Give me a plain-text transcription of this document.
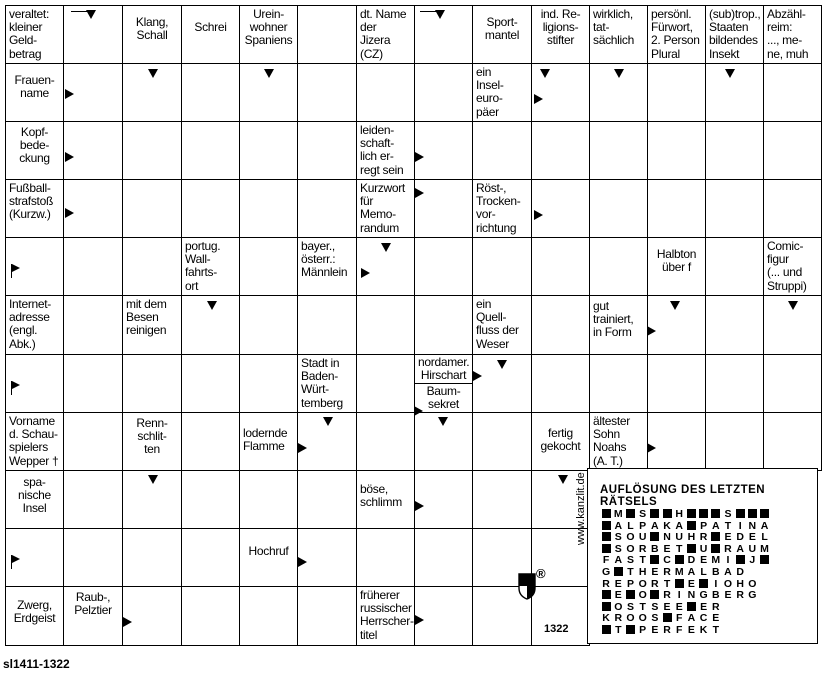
veraltet:
kleiner
Geld-
betrag
Klang,
Schall
Schrei
Urein-
wohner
Spaniens
dt. Name
der
Jizera
(CZ)
Sport-
mantel
ind. Re-
ligions-
stifter
wirklich,
tat-
sächlich
persönl.
Fürwort,
2. Person
Plural
(sub)trop.,
Staaten
bildendes
Insekt
Abzähl-
reim:
..., me-
ne, muh
Frauen-
name
ein
Insel-
euro-
päer
Kopf-
bede-
ckung
leiden-
schaft-
lich er-
regt sein
Fußball-
strafstoß
(Kurzw.)
Kurzwort
für
Memo-
randum
Röst-,
Trocken-
vor-
richtung
portug.
Wall-
fahrts-
ort
bayer.,
österr.:
Männlein
Halbton
über f
Comic-
figur
(... und
Struppi)
Internet-
adresse
(engl.
Abk.)
mit dem
Besen
reinigen
ein
Quell-
fluss der
Weser
gut
trainiert,
in Form
Stadt in
Baden-
Würt-
temberg
Vorname
d. Schau-
spielers
Wepper †
Renn-
schlit-
ten
lodernde
Flamme
fertig
gekocht
ältester
Sohn
Noahs
(A. T.)
spa-
nische
Insel
böse,
schlimm
Hochruf
Zwerg,
Erdgeist
Raub-,
Pelztier
früherer
russischer
Herrscher-
titel
nordamer.
Hirschart
Baum-
sekret
AUFLÖSUNG DES LETZTEN
RÄTSELS
M S	H	S
A L P A K A P A T I N A
S O U N U H R E D E L
S O R B E T U R A U M
F A S T C D E M I J
G T H E R M A L B A D
R E P O R T E I O H O
E O R I N G B E R G
O S T S E E E R
K R O O S F A C E
T P E R F E K T
www.kanzlit.de
®
1322
sl1411-1322
